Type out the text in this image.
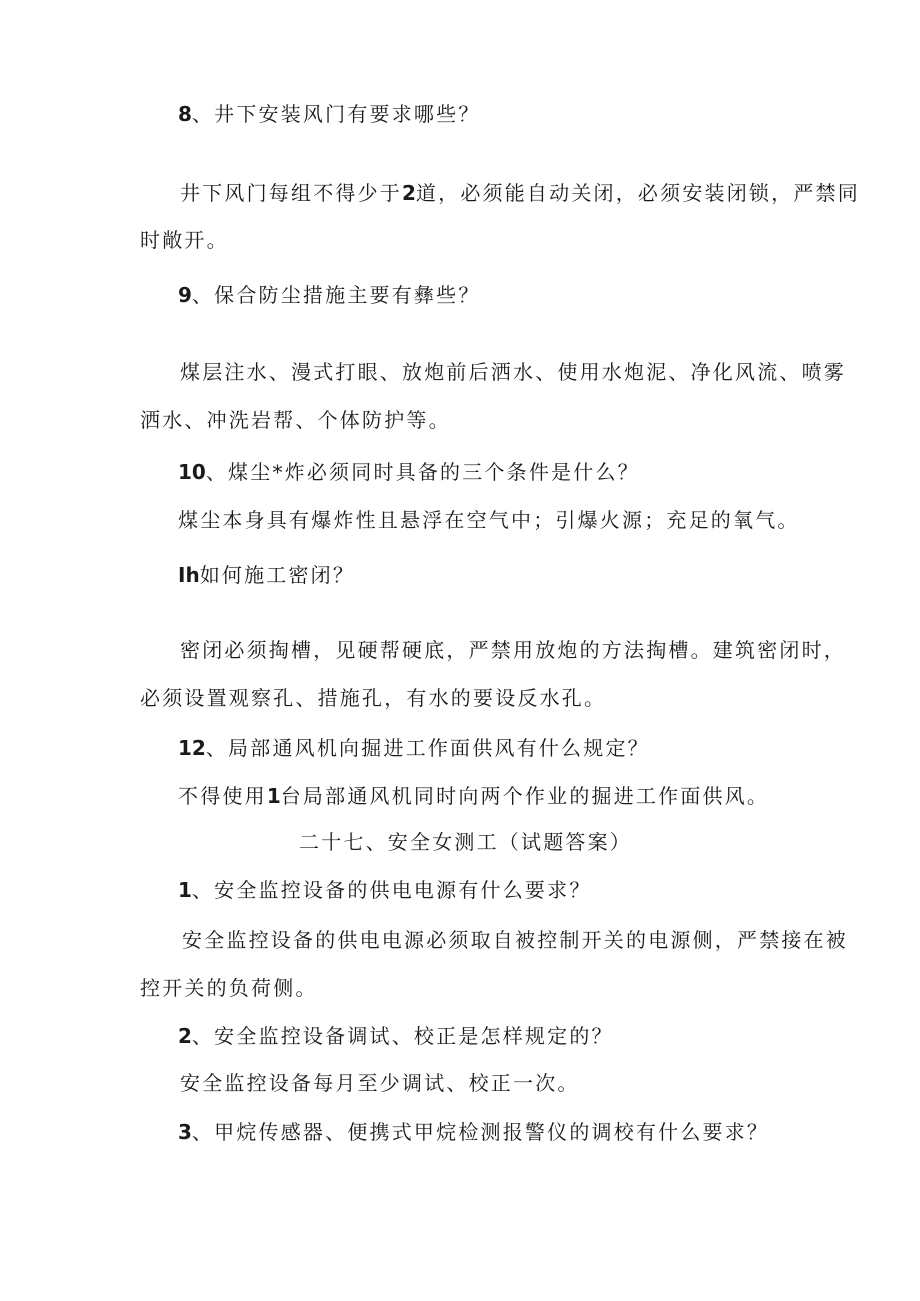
8、井下安装风门有要求哪些？
井下风门每组不得少于2道，必须能自动关闭，必须安装闭锁，严禁同
时敞开。
9、保合防尘措施主要有彝些？
煤层注水、漫式打眼、放炮前后洒水、使用水炮泥、净化风流、喷雾
洒水、冲洗岩帮、个体防护等。
10、煤尘*炸必须同时具备的三个条件是什么？
煤尘本身具有爆炸性且悬浮在空气中；引爆火源；充足的氧气。
Ih如何施工密闭？
密闭必须掏槽，见硬帮硬底，严禁用放炮的方法掏槽。建筑密闭时，
必须设置观察孔、措施孔，有水的要设反水孔。
12、局部通风机向掘进工作面供风有什么规定？
不得使用1台局部通风机同时向两个作业的掘进工作面供风。
二十七、安全女测工（试题答案）
1、安全监控设备的供电电源有什么要求？
安全监控设备的供电电源必须取自被控制开关的电源侧，严禁接在被
控开关的负荷侧。
2、安全监控设备调试、校正是怎样规定的？
安全监控设备每月至少调试、校正一次。
3、甲烷传感器、便携式甲烷检测报警仪的调校有什么要求？
